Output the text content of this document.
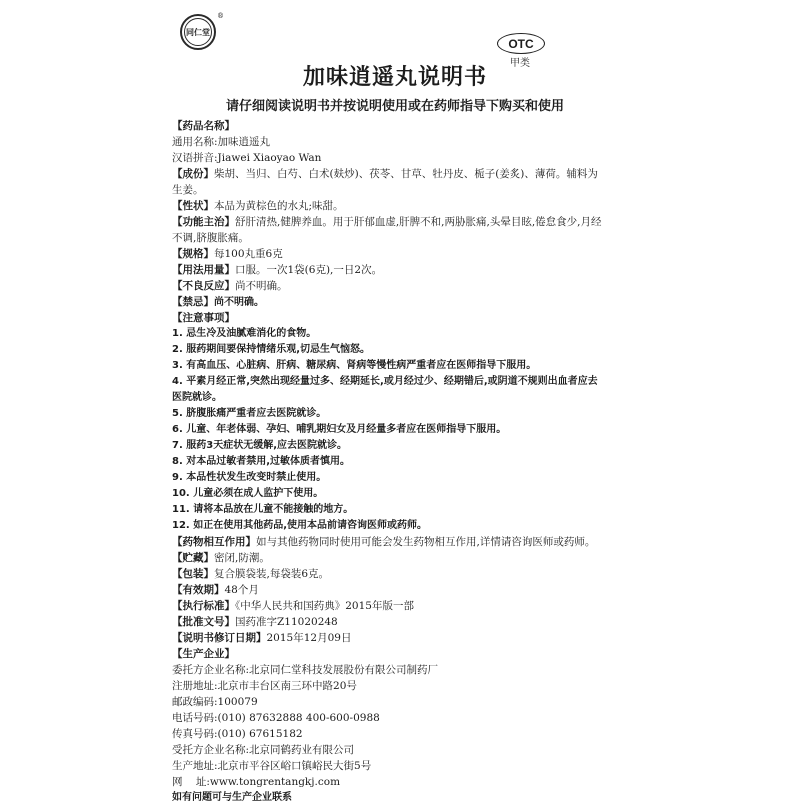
同仁堂
®
OTC
甲类
加味逍遥丸说明书
请仔细阅读说明书并按说明使用或在药师指导下购买和使用
【药品名称】
通用名称:加味逍遥丸
汉语拼音:Jiawei Xiaoyao Wan
【成份】柴胡、当归、白芍、白术(麸炒)、茯苓、甘草、牡丹皮、栀子(姜炙)、薄荷。辅料为生姜。
【性状】本品为黄棕色的水丸;味甜。
【功能主治】舒肝清热,健脾养血。用于肝郁血虚,肝脾不和,两胁胀痛,头晕目眩,倦怠食少,月经不调,脐腹胀痛。
【规格】每100丸重6克
【用法用量】口服。一次1袋(6克),一日2次。
【不良反应】尚不明确。
【禁忌】尚不明确。
【注意事项】
1. 忌生冷及油腻难消化的食物。
2. 服药期间要保持情绪乐观,切忌生气恼怒。
3. 有高血压、心脏病、肝病、糖尿病、肾病等慢性病严重者应在医师指导下服用。
4. 平素月经正常,突然出现经量过多、经期延长,或月经过少、经期错后,或阴道不规则出血者应去医院就诊。
5. 脐腹胀痛严重者应去医院就诊。
6. 儿童、年老体弱、孕妇、哺乳期妇女及月经量多者应在医师指导下服用。
7. 服药3天症状无缓解,应去医院就诊。
8. 对本品过敏者禁用,过敏体质者慎用。
9. 本品性状发生改变时禁止使用。
10. 儿童必须在成人监护下使用。
11. 请将本品放在儿童不能接触的地方。
12. 如正在使用其他药品,使用本品前请咨询医师或药师。
【药物相互作用】如与其他药物同时使用可能会发生药物相互作用,详情请咨询医师或药师。
【贮藏】密闭,防潮。
【包装】复合膜袋装,每袋装6克。
【有效期】48个月
【执行标准】《中华人民共和国药典》2015年版一部
【批准文号】国药准字Z11020248
【说明书修订日期】2015年12月09日
【生产企业】
委托方企业名称:北京同仁堂科技发展股份有限公司制药厂
注册地址:北京市丰台区南三环中路20号
邮政编码:100079
电话号码:(010) 87632888 400-600-0988
传真号码:(010) 67615182
受托方企业名称:北京同鹤药业有限公司
生产地址:北京市平谷区峪口镇峪民大街5号
网    址:www.tongrentangkj.com
如有问题可与生产企业联系
